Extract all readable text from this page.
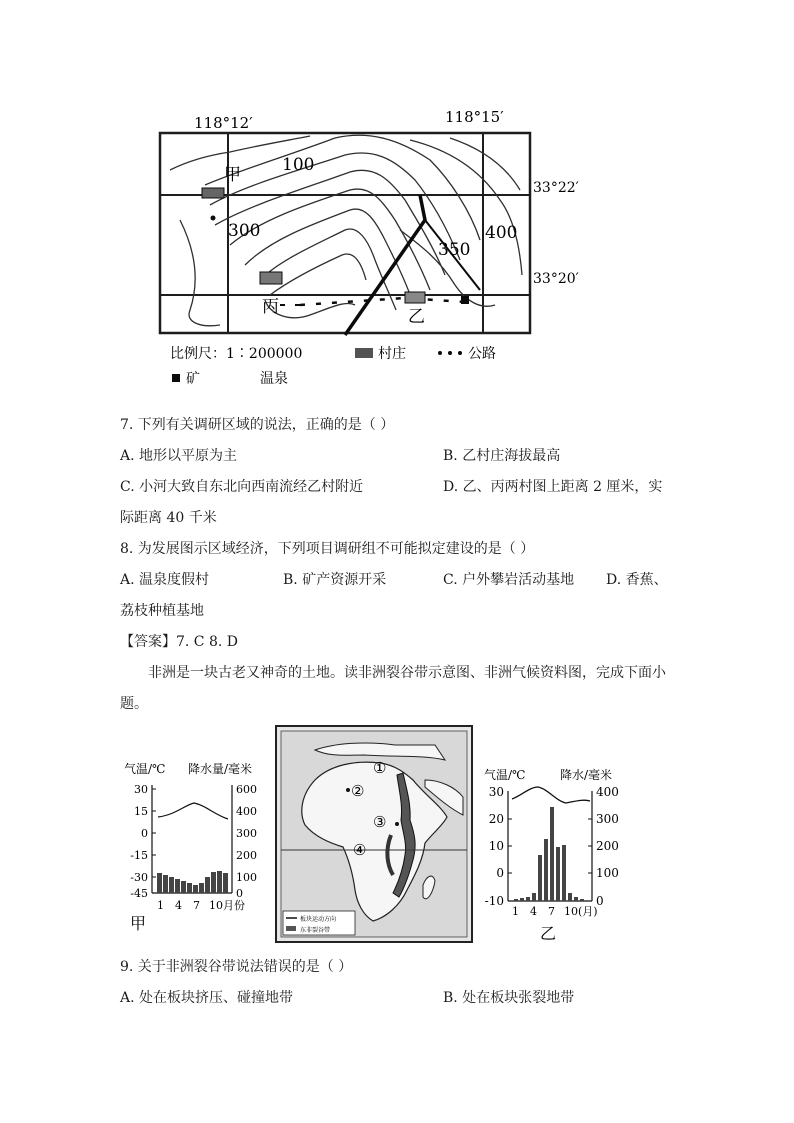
118°12′	118°15′
33°22′
33°20′
甲 100
300
350
400
丙	乙
比例尺：1∶200000	村庄	公路
矿	温泉
7. 下列有关调研区域的说法，正确的是（ ）
A. 地形以平原为主	B. 乙村庄海拔最高
C. 小河大致自东北向西南流经乙村附近	D. 乙、丙两村图上距离 2 厘米，实
际距离 40 千米
8. 为发展图示区域经济，下列项目调研组不可能拟定建设的是（ ）
A. 温泉度假村	B. 矿产资源开采	C. 户外攀岩活动基地 D. 香蕉、
荔枝种植基地
【答案】7. C 8. D
非洲是一块古老又神奇的土地。读非洲裂谷带示意图、非洲气候资料图，完成下面小
题。
气温/℃ 降水量/毫米
30
15
0
-15
-30
-45
600
400
300
200
100
0
1 4 7 10 月份
甲
①
②
③
④
板块运动方向
东非裂谷带
气温/℃	降水/毫米
30
20
10
0
-10
400
300
200
100
0
1 4 7 10 (月)
乙
9. 关于非洲裂谷带说法错误的是（ ）
A. 处在板块挤压、碰撞地带	B. 处在板块张裂地带
